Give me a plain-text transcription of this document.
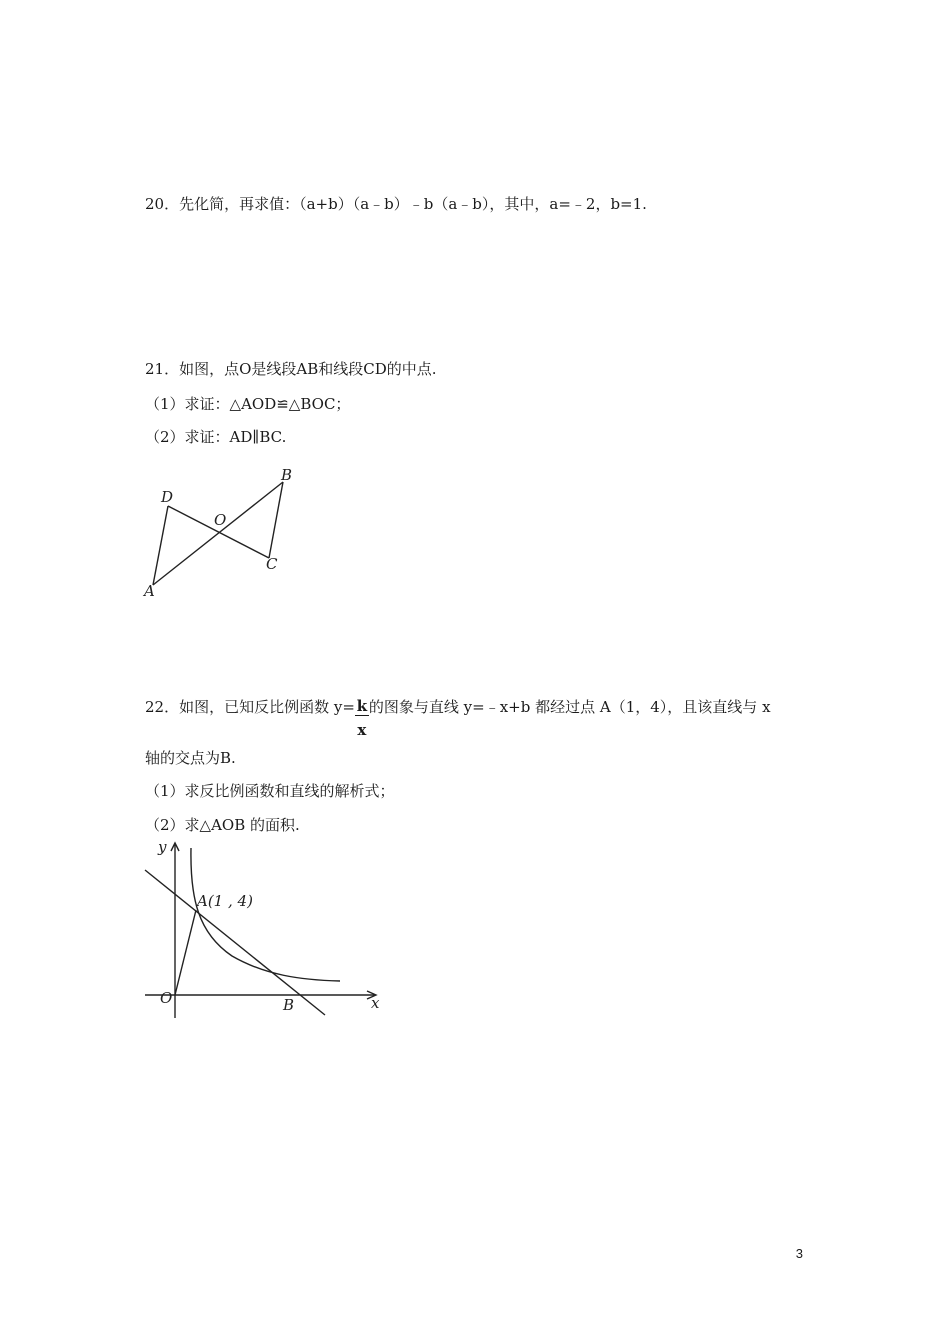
20．先化简，再求值：（a+b）（a﹣b）﹣b（a﹣b），其中，a=﹣2，b=1.
21．如图，点O是线段AB和线段CD的中点.
（1）求证：△AOD≌△BOC；
（2）求证：AD∥BC.
D
O
B
C
A
22．如图，已知反比例函数 $y= \frac{k}{x}$ 的图象与直线 y=﹣x+b 都经过点 A（1，4），且该直线与 x
轴的交点为B.
（1）求反比例函数和直线的解析式；
（2）求△AOB 的面积.
y
x
O	B
A(1 , 4)
3
